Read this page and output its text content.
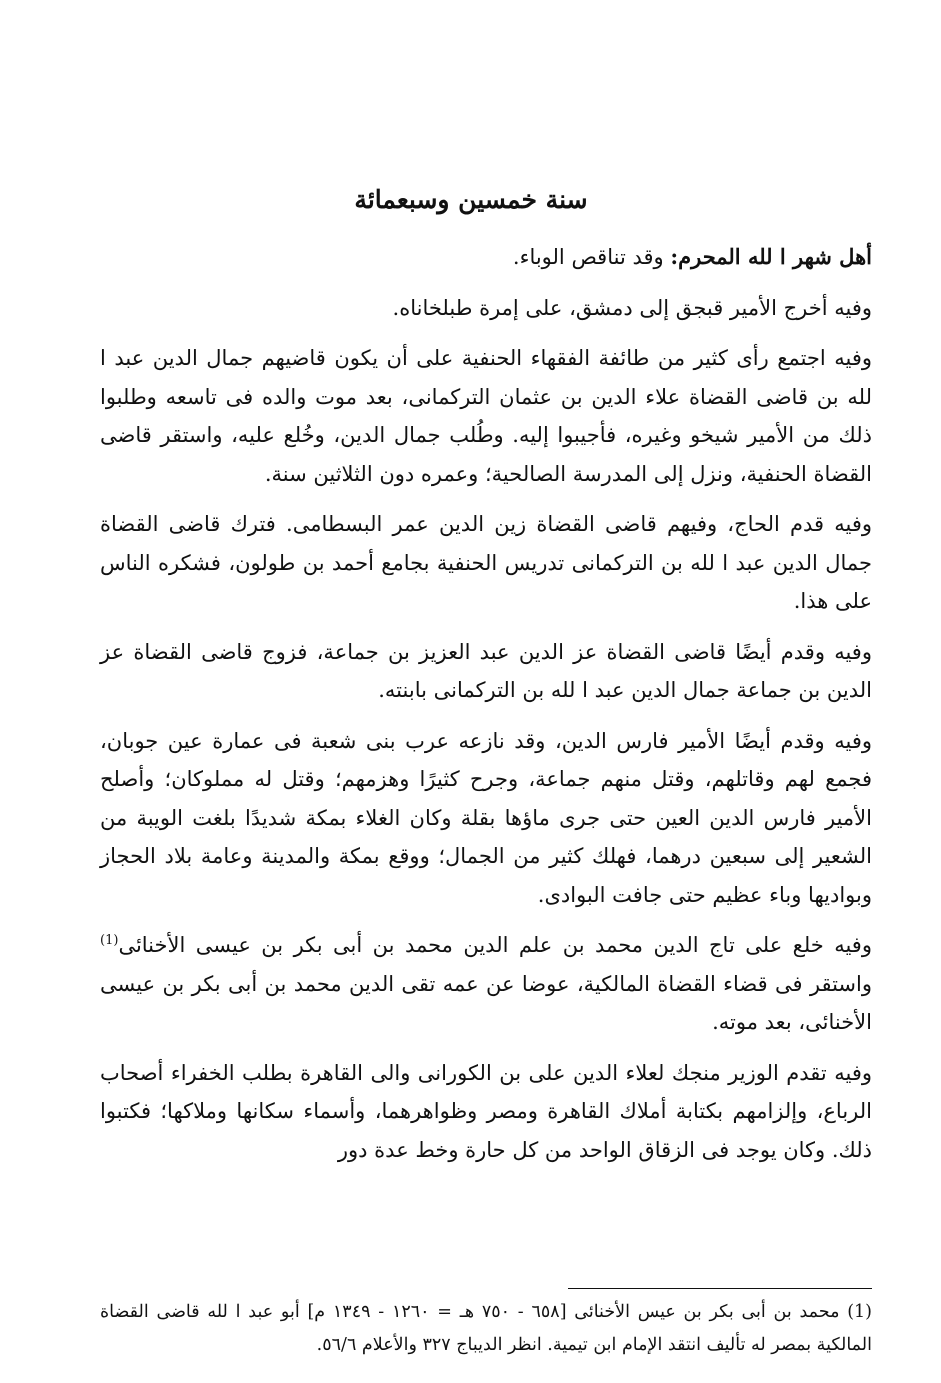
سنة خمسين وسبعمائة

أهل شهر ا لله المحرم: وقد تناقص الوباء.

وفيه أخرج الأمير قبجق إلى دمشق، على إمرة طبلخاناه.

وفيه اجتمع رأى كثير من طائفة الفقهاء الحنفية على أن يكون قاضيهم جمال الدين عبد ا لله بن قاضى القضاة علاء الدين بن عثمان التركمانى، بعد موت والده فى تاسعه وطلبوا ذلك من الأمير شيخو وغيره، فأجيبوا إليه. وطُلب جمال الدين، وخُلع عليه، واستقر قاضى القضاة الحنفية، ونزل إلى المدرسة الصالحية؛ وعمره دون الثلاثين سنة.

وفيه قدم الحاج، وفيهم قاضى القضاة زين الدين عمر البسطامى. فترك قاضى القضاة جمال الدين عبد ا لله بن التركمانى تدريس الحنفية بجامع أحمد بن طولون، فشكره الناس على هذا.

وفيه وقدم أيضًا قاضى القضاة عز الدين عبد العزيز بن جماعة، فزوج قاضى القضاة عز الدين بن جماعة جمال الدين عبد ا لله بن التركمانى بابنته.

وفيه وقدم أيضًا الأمير فارس الدين، وقد نازعه عرب بنى شعبة فى عمارة عين جوبان، فجمع لهم وقاتلهم، وقتل منهم جماعة، وجرح كثيرًا وهزمهم؛ وقتل له مملوكان؛ وأصلح الأمير فارس الدين العين حتى جرى ماؤها بقلة وكان الغلاء بمكة شديدًا بلغت الويبة من الشعير إلى سبعين درهما، فهلك كثير من الجمال؛ ووقع بمكة والمدينة وعامة بلاد الحجاز وبواديها وباء عظيم حتى جافت البوادى.

وفيه خلع على تاج الدين محمد بن علم الدين محمد بن أبى بكر بن عيسى الأخنائى$^{(1)}$ واستقر فى قضاء القضاة المالكية، عوضا عن عمه تقى الدين محمد بن أبى بكر بن عيسى الأخنائى، بعد موته.

وفيه تقدم الوزير منجك لعلاء الدين على بن الكورانى والى القاهرة بطلب الخفراء أصحاب الرباع، وإلزامهم بكتابة أملاك القاهرة ومصر وظواهرهما، وأسماء سكانها وملاكها؛ فكتبوا ذلك. وكان يوجد فى الزقاق الواحد من كل حارة وخط عدة دور

(1) محمد بن أبى بكر بن عيس الأخنائى [٦٥٨ - ٧٥٠ هـ = ١٢٦٠ - ١٣٤٩ م] أبو عبد ا لله قاضى القضاة المالكية بمصر له تأليف انتقد الإمام ابن تيمية. انظر الديباج ٣٢٧ والأعلام ٥٦/٦.
